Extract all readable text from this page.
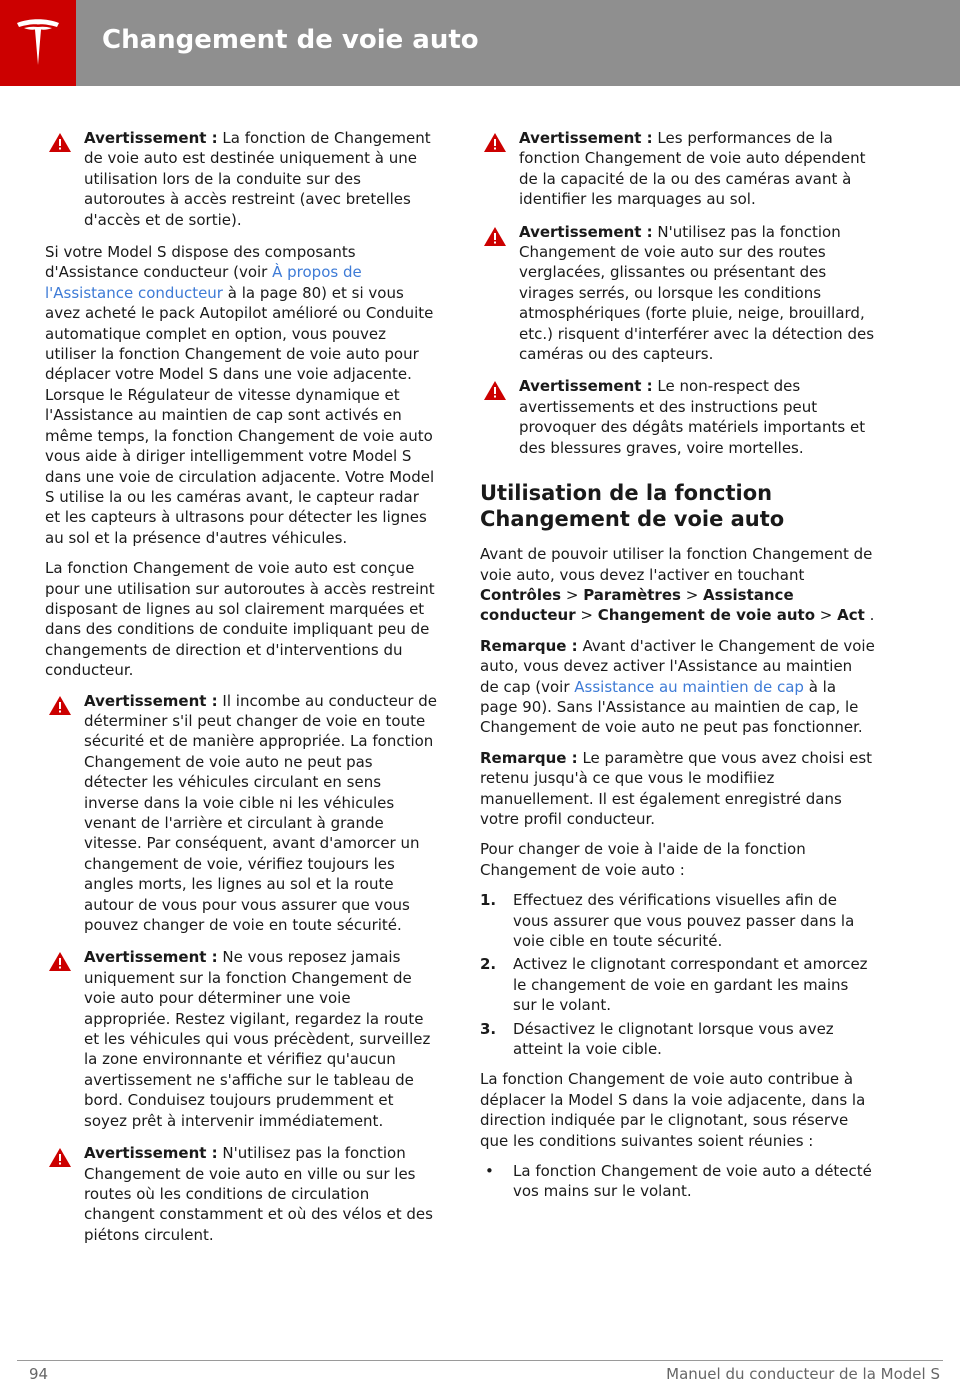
Changement de voie auto
Avertissement : La fonction de Changement de voie auto est destinée uniquement à une utilisation lors de la conduite sur des autoroutes à accès restreint (avec bretelles d'accès et de sortie).

Si votre Model S dispose des composants d'Assistance conducteur (voir À propos de l'Assistance conducteur à la page 80) et si vous avez acheté le pack Autopilot amélioré ou Conduite automatique complet en option, vous pouvez utiliser la fonction Changement de voie auto pour déplacer votre Model S dans une voie adjacente. Lorsque le Régulateur de vitesse dynamique et l'Assistance au maintien de cap sont activés en même temps, la fonction Changement de voie auto vous aide à diriger intelligemment votre Model S dans une voie de circulation adjacente. Votre Model S utilise la ou les caméras avant, le capteur radar et les capteurs à ultrasons pour détecter les lignes au sol et la présence d'autres véhicules.

La fonction Changement de voie auto est conçue pour une utilisation sur autoroutes à accès restreint disposant de lignes au sol clairement marquées et dans des conditions de conduite impliquant peu de changements de direction et d'interventions du conducteur.

Avertissement : Il incombe au conducteur de déterminer s'il peut changer de voie en toute sécurité et de manière appropriée. La fonction Changement de voie auto ne peut pas détecter les véhicules circulant en sens inverse dans la voie cible ni les véhicules venant de l'arrière et circulant à grande vitesse. Par conséquent, avant d'amorcer un changement de voie, vérifiez toujours les angles morts, les lignes au sol et la route autour de vous pour vous assurer que vous pouvez changer de voie en toute sécurité.
Avertissement : Ne vous reposez jamais uniquement sur la fonction Changement de voie auto pour déterminer une voie appropriée. Restez vigilant, regardez la route et les véhicules qui vous précèdent, surveillez la zone environnante et vérifiez qu'aucun avertissement ne s'affiche sur le tableau de bord. Conduisez toujours prudemment et soyez prêt à intervenir immédiatement.
Avertissement : N'utilisez pas la fonction Changement de voie auto en ville ou sur les routes où les conditions de circulation changent constamment et où des vélos et des piétons circulent.
Avertissement : Les performances de la fonction Changement de voie auto dépendent de la capacité de la ou des caméras avant à identifier les marquages au sol.
Avertissement : N'utilisez pas la fonction Changement de voie auto sur des routes verglacées, glissantes ou présentant des virages serrés, ou lorsque les conditions atmosphériques (forte pluie, neige, brouillard, etc.) risquent d'interférer avec la détection des caméras ou des capteurs.
Avertissement : Le non-respect des avertissements et des instructions peut provoquer des dégâts matériels importants et des blessures graves, voire mortelles.
Utilisation de la fonction Changement de voie auto

Avant de pouvoir utiliser la fonction Changement de voie auto, vous devez l'activer en touchant Contrôles > Paramètres > Assistance conducteur > Changement de voie auto > Act .

Remarque : Avant d'activer le Changement de voie auto, vous devez activer l'Assistance au maintien de cap (voir Assistance au maintien de cap à la page 90). Sans l'Assistance au maintien de cap, le Changement de voie auto ne peut pas fonctionner.

Remarque : Le paramètre que vous avez choisi est retenu jusqu'à ce que vous le modifiiez manuellement. Il est également enregistré dans votre profil conducteur.

Pour changer de voie à l'aide de la fonction Changement de voie auto :

1. Effectuez des vérifications visuelles afin de vous assurer que vous pouvez passer dans la voie cible en toute sécurité.
2. Activez le clignotant correspondant et amorcez le changement de voie en gardant les mains sur le volant.
3. Désactivez le clignotant lorsque vous avez atteint la voie cible.

La fonction Changement de voie auto contribue à déplacer la Model S dans la voie adjacente, dans la direction indiquée par le clignotant, sous réserve que les conditions suivantes soient réunies :

• La fonction Changement de voie auto a détecté vos mains sur le volant.
94	Manuel du conducteur de la Model S
